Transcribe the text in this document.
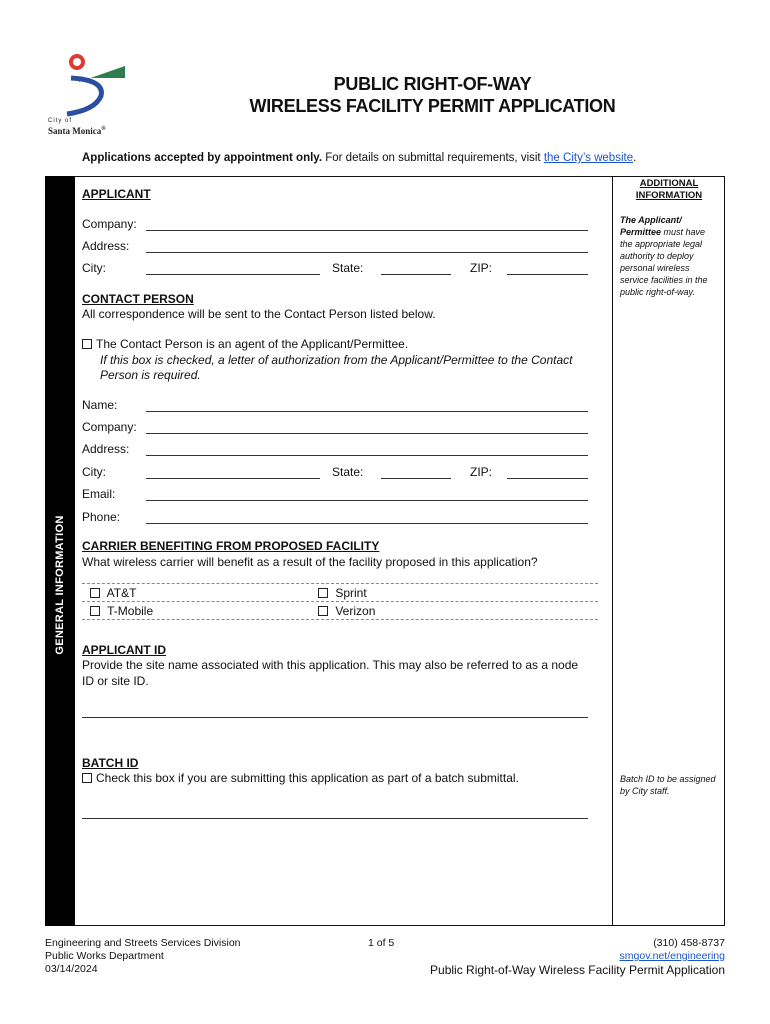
City of
Santa Monica®
PUBLIC RIGHT-OF-WAY
WIRELESS FACILITY PERMIT APPLICATION
Applications accepted by appointment only. For details on submittal requirements, visit the City’s website.
GENERAL INFORMATION
ADDITIONAL
INFORMATION
The Applicant/ Permittee must have the appropriate legal authority to deploy personal wireless service facilities in the public right-of-way.
Batch ID to be assigned by City staff.
APPLICANT
Company:
Address:
City:	State:	ZIP:
CONTACT PERSON
All correspondence will be sent to the Contact Person listed below.
The Contact Person is an agent of the Applicant/Permittee.
If this box is checked, a letter of authorization from the Applicant/Permittee to the Contact
Person is required.
Name:
Company:
Address:
City:	State:	ZIP:
Email:
Phone:
CARRIER BENEFITING FROM PROPOSED FACILITY
What wireless carrier will benefit as a result of the facility proposed in this application?
AT&T	Sprint
T-Mobile	Verizon
APPLICANT ID
Provide the site name associated with this application. This may also be referred to as a node
ID or site ID.
BATCH ID
Check this box if you are submitting this application as part of a batch submittal.
Engineering and Streets Services Division
Public Works Department
03/14/2024
1 of 5	(310) 458-8737
smgov.net/engineering
Public Right-of-Way Wireless Facility Permit Application
